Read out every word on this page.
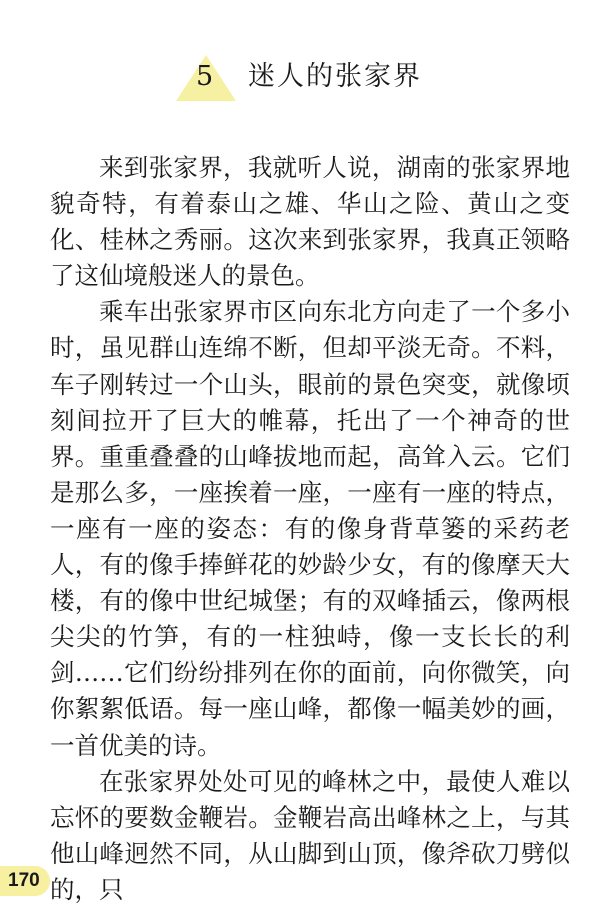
5 迷人的张家界

来到张家界，我就听人说，湖南的张家界地貌奇特，有着泰山之雄、华山之险、黄山之变化、桂林之秀丽。这次来到张家界，我真正领略了这仙境般迷人的景色。

乘车出张家界市区向东北方向走了一个多小时，虽见群山连绵不断，但却平淡无奇。不料，车子刚转过一个山头，眼前的景色突变，就像顷刻间拉开了巨大的帷幕，托出了一个神奇的世界。重重叠叠的山峰拔地而起，高耸入云。它们是那么多，一座挨着一座，一座有一座的特点，一座有一座的姿态：有的像身背草篓的采药老人，有的像手捧鲜花的妙龄少女，有的像摩天大楼，有的像中世纪城堡；有的双峰插云，像两根尖尖的竹笋，有的一柱独峙，像一支长长的利剑……它们纷纷排列在你的面前，向你微笑，向你絮絮低语。每一座山峰，都像一幅美妙的画，一首优美的诗。

在张家界处处可见的峰林之中，最使人难以忘怀的要数金鞭岩。金鞭岩高出峰林之上，与其他山峰迥然不同，从山脚到山顶，像斧砍刀劈似的，只

170
